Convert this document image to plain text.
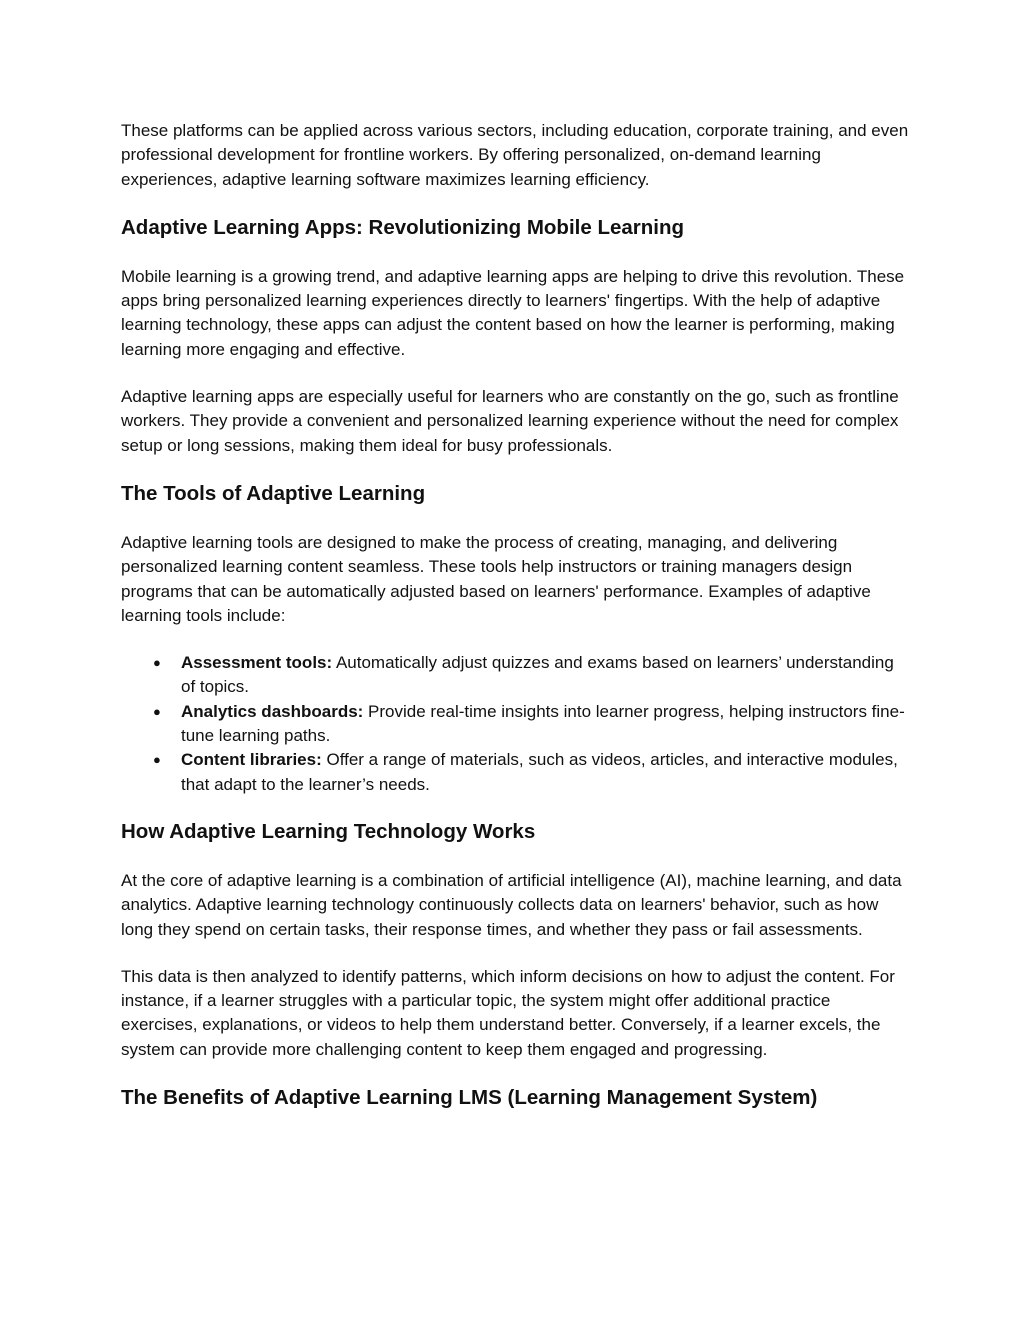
These platforms can be applied across various sectors, including education, corporate training, and even professional development for frontline workers. By offering personalized, on-demand learning experiences, adaptive learning software maximizes learning efficiency.

Adaptive Learning Apps: Revolutionizing Mobile Learning

Mobile learning is a growing trend, and adaptive learning apps are helping to drive this revolution. These apps bring personalized learning experiences directly to learners' fingertips. With the help of adaptive learning technology, these apps can adjust the content based on how the learner is performing, making learning more engaging and effective.

Adaptive learning apps are especially useful for learners who are constantly on the go, such as frontline workers. They provide a convenient and personalized learning experience without the need for complex setup or long sessions, making them ideal for busy professionals.

The Tools of Adaptive Learning

Adaptive learning tools are designed to make the process of creating, managing, and delivering personalized learning content seamless. These tools help instructors or training managers design programs that can be automatically adjusted based on learners' performance. Examples of adaptive learning tools include:

● Assessment tools: Automatically adjust quizzes and exams based on learners’ understanding of topics.
● Analytics dashboards: Provide real-time insights into learner progress, helping instructors fine-tune learning paths.
● Content libraries: Offer a range of materials, such as videos, articles, and interactive modules, that adapt to the learner’s needs.
How Adaptive Learning Technology Works

At the core of adaptive learning is a combination of artificial intelligence (AI), machine learning, and data analytics. Adaptive learning technology continuously collects data on learners' behavior, such as how long they spend on certain tasks, their response times, and whether they pass or fail assessments.

This data is then analyzed to identify patterns, which inform decisions on how to adjust the content. For instance, if a learner struggles with a particular topic, the system might offer additional practice exercises, explanations, or videos to help them understand better. Conversely, if a learner excels, the system can provide more challenging content to keep them engaged and progressing.

The Benefits of Adaptive Learning LMS (Learning Management System)
